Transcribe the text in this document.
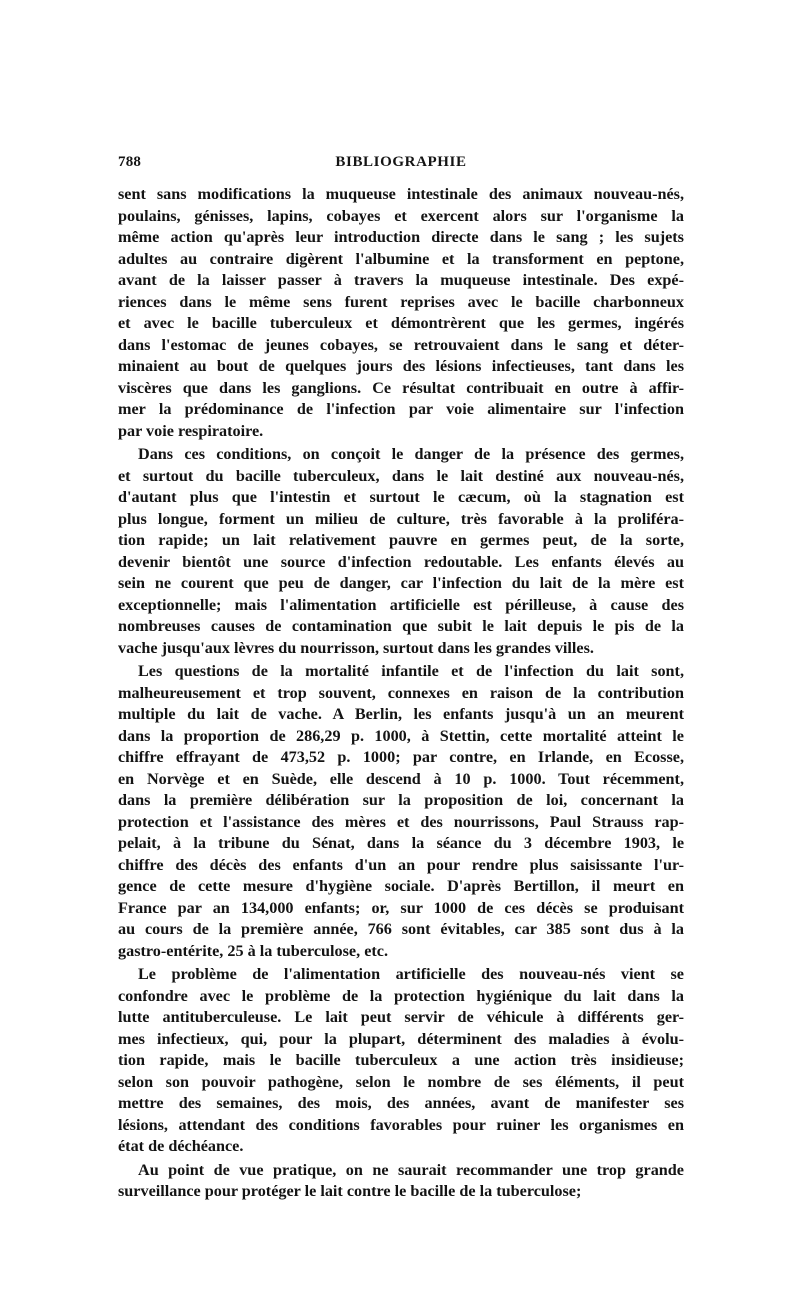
788	BIBLIOGRAPHIE

sent sans modifications la muqueuse intestinale des animaux nouveau-nés,
poulains, génisses, lapins, cobayes et exercent alors sur l'organisme la
même action qu'après leur introduction directe dans le sang ; les sujets
adultes au contraire digèrent l'albumine et la transforment en peptone,
avant de la laisser passer à travers la muqueuse intestinale. Des expé-
riences dans le même sens furent reprises avec le bacille charbonneux
et avec le bacille tuberculeux et démontrèrent que les germes, ingérés
dans l'estomac de jeunes cobayes, se retrouvaient dans le sang et déter-
minaient au bout de quelques jours des lésions infectieuses, tant dans les
viscères que dans les ganglions. Ce résultat contribuait en outre à affir-
mer la prédominance de l'infection par voie alimentaire sur l'infection
par voie respiratoire.

Dans ces conditions, on conçoit le danger de la présence des germes,
et surtout du bacille tuberculeux, dans le lait destiné aux nouveau-nés,
d'autant plus que l'intestin et surtout le cæcum, où la stagnation est
plus longue, forment un milieu de culture, très favorable à la proliféra-
tion rapide; un lait relativement pauvre en germes peut, de la sorte,
devenir bientôt une source d'infection redoutable. Les enfants élevés au
sein ne courent que peu de danger, car l'infection du lait de la mère est
exceptionnelle; mais l'alimentation artificielle est périlleuse, à cause des
nombreuses causes de contamination que subit le lait depuis le pis de la
vache jusqu'aux lèvres du nourrisson, surtout dans les grandes villes.

Les questions de la mortalité infantile et de l'infection du lait sont,
malheureusement et trop souvent, connexes en raison de la contribution
multiple du lait de vache. A Berlin, les enfants jusqu'à un an meurent
dans la proportion de 286,29 p. 1000, à Stettin, cette mortalité atteint le
chiffre effrayant de 473,52 p. 1000; par contre, en Irlande, en Ecosse,
en Norvège et en Suède, elle descend à 10 p. 1000. Tout récemment,
dans la première délibération sur la proposition de loi, concernant la
protection et l'assistance des mères et des nourrissons, Paul Strauss rap-
pelait, à la tribune du Sénat, dans la séance du 3 décembre 1903, le
chiffre des décès des enfants d'un an pour rendre plus saisissante l'ur-
gence de cette mesure d'hygiène sociale. D'après Bertillon, il meurt en
France par an 134,000 enfants; or, sur 1000 de ces décès se produisant
au cours de la première année, 766 sont évitables, car 385 sont dus à la
gastro-entérite, 25 à la tuberculose, etc.

Le problème de l'alimentation artificielle des nouveau-nés vient se
confondre avec le problème de la protection hygiénique du lait dans la
lutte antituberculeuse. Le lait peut servir de véhicule à différents ger-
mes infectieux, qui, pour la plupart, déterminent des maladies à évolu-
tion rapide, mais le bacille tuberculeux a une action très insidieuse;
selon son pouvoir pathogène, selon le nombre de ses éléments, il peut
mettre des semaines, des mois, des années, avant de manifester ses
lésions, attendant des conditions favorables pour ruiner les organismes en
état de déchéance.

Au point de vue pratique, on ne saurait recommander une trop grande
surveillance pour protéger le lait contre le bacille de la tuberculose;
